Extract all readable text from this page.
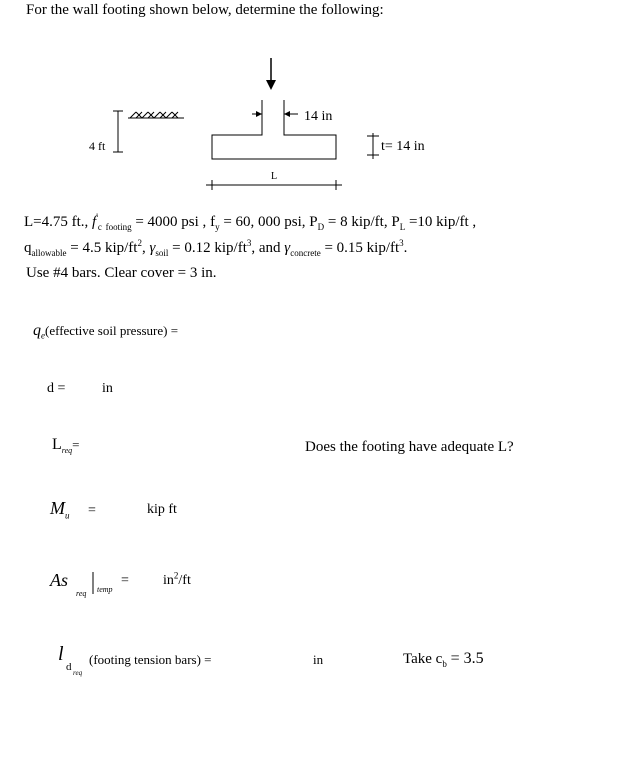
For the wall footing shown below, determine the following:
4 ft
14 in
t= 14 in
L
L=4.75 ft., $f'_c$ $_{footing}$ = 4000 psi , $f_y = 60$, 000 psi, $P_D = 8$ kip/ft, $P_L =10$ kip/ft ,
$q_{allowable} = 4.5$ kip/$ft^2$, $\gamma_{soil} = 0.12$ kip/$ft^3$, and $\gamma_{concrete} = 0.15$ kip/$ft^3$.
Use #4 bars. Clear cover = 3 in.
$q_e(effective$ soil pressure) =
d =	in
$L_{req}=$	Does the footing have adequate L?
$M_u$ =	kip ft
As
req temp
= $in^2/ft$
l
d req
(footing tension bars) =	in	Take $c_b = 3.5$
